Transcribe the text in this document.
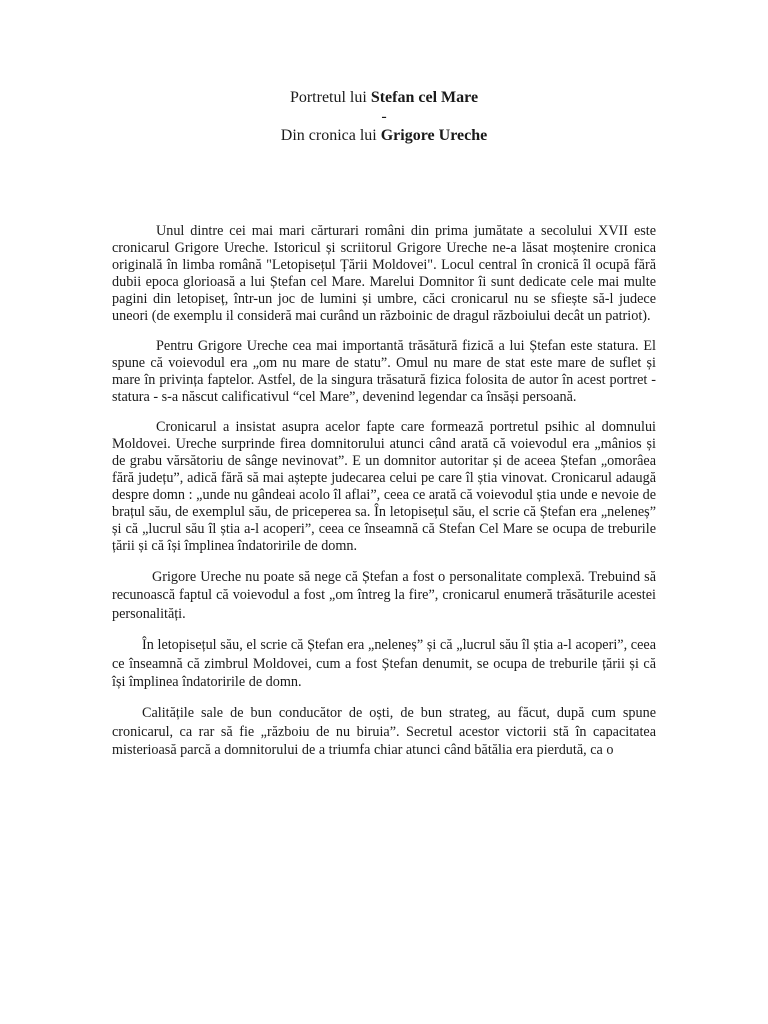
Portretul lui Stefan cel Mare
-
Din cronica lui Grigore Ureche

Unul dintre cei mai mari cărturari români din prima jumătate a secolului XVII este cronicarul Grigore Ureche. Istoricul și scriitorul Grigore Ureche ne-a lăsat moștenire cronica originală în limba română "Letopisețul Țării Moldovei". Locul central în cronică îl ocupă fără dubii epoca glorioasă a lui Ștefan cel Mare. Marelui Domnitor îi sunt dedicate cele mai multe pagini din letopiseț, într-un joc de lumini și umbre, căci cronicarul nu se sfiește să-l judece uneori (de exemplu il consideră mai curând un războinic de dragul războiului decât un patriot).

Pentru Grigore Ureche cea mai importantă trăsătură fizică a lui Ștefan este statura. El spune că voievodul era „om nu mare de statu”. Omul nu mare de stat este mare de suflet și mare în privința faptelor. Astfel, de la singura trăsatură fizica folosita de autor în acest portret - statura - s-a născut calificativul “cel Mare”, devenind legendar ca însăși persoană.

Cronicarul a insistat asupra acelor fapte care formează portretul psihic al domnului Moldovei. Ureche surprinde firea domnitorului atunci când arată că voievodul era „mânios și de grabu vărsătoriu de sânge nevinovat”. E un domnitor autoritar și de aceea Ștefan „omorâea fără județu”, adică fără să mai aștepte judecarea celui pe care îl știa vinovat. Cronicarul adaugă despre domn : „unde nu gândeai acolo îl aflai”, ceea ce arată că voievodul știa unde e nevoie de brațul său, de exemplul său, de priceperea sa. În letopisețul său, el scrie că Ștefan era „neleneș” și că „lucrul său îl știa a-l acoperi”, ceea ce înseamnă că Stefan Cel Mare se ocupa de treburile țării și că își împlinea îndatoririle de domn.

Grigore Ureche nu poate să nege că Ștefan a fost o personalitate complexă. Trebuind să recunoască faptul că voievodul a fost „om întreg la fire”, cronicarul enumeră trăsăturile acestei personalități.

În letopisețul său, el scrie că Ștefan era „neleneș” și că „lucrul său îl știa a-l acoperi”, ceea ce înseamnă că zimbrul Moldovei, cum a fost Ștefan denumit, se ocupa de treburile țării și că își împlinea îndatoririle de domn.

Calitățile sale de bun conducător de oști, de bun strateg, au făcut, după cum spune cronicarul, ca rar să fie „războiu de nu biruia”. Secretul acestor victorii stă în capacitatea misterioasă parcă a domnitorului de a triumfa chiar atunci când bătălia era pierdută, ca o
